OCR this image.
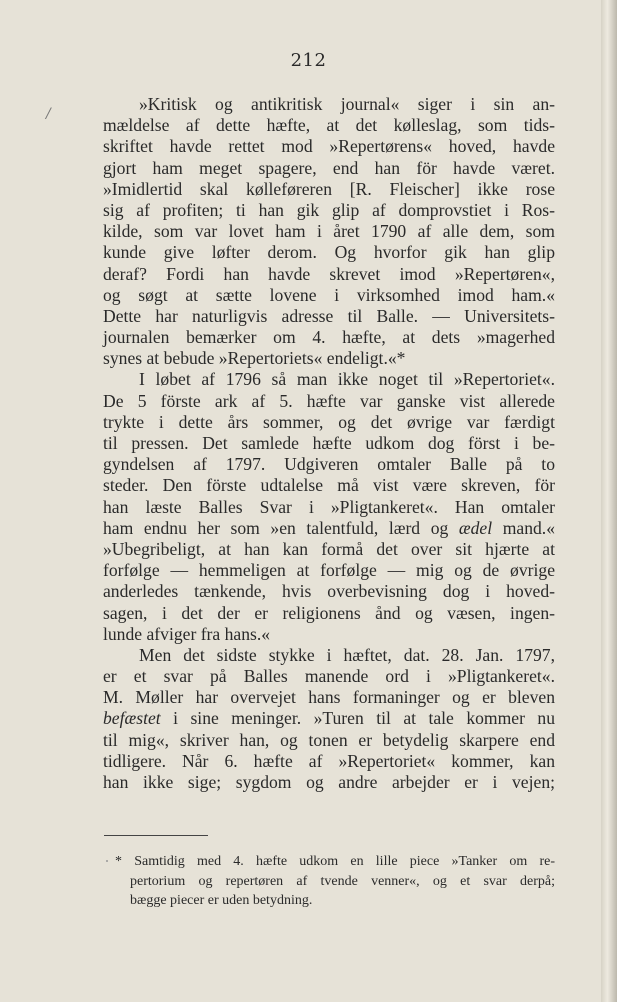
212
/	»Kritisk og antikritisk journal« siger i sin an-
mældelse af dette hæfte, at det kølleslag, som tids-
skriftet havde rettet mod »Repertørens« hoved, havde
gjort ham meget spagere, end han för havde været.
»Imidlertid skal kølleføreren [R. Fleischer] ikke rose
sig af profiten; ti han gik glip af domprovstiet i Ros-
kilde, som var lovet ham i året 1790 af alle dem, som
kunde give løfter derom. Og hvorfor gik han glip
deraf? Fordi han havde skrevet imod »Repertøren«,
og søgt at sætte lovene i virksomhed imod ham.«
Dette har naturligvis adresse til Balle. — Universitets-
journalen bemærker om 4. hæfte, at dets »magerhed
synes at bebude »Repertoriets« endeligt.«*
I løbet af 1796 så man ikke noget til »Repertoriet«.
De 5 förste ark af 5. hæfte var ganske vist allerede
trykte i dette års sommer, og det øvrige var færdigt
til pressen. Det samlede hæfte udkom dog först i be-
gyndelsen af 1797. Udgiveren omtaler Balle på to
steder. Den förste udtalelse må vist være skreven, för
han læste Balles Svar i »Pligtankeret«. Han omtaler
ham endnu her som »en talentfuld, lærd og ædel mand.«
»Ubegribeligt, at han kan formå det over sit hjærte at
forfølge — hemmeligen at forfølge — mig og de øvrige
anderledes tænkende, hvis overbevisning dog i hoved-
sagen, i det der er religionens ånd og væsen, ingen-
lunde afviger fra hans.«
Men det sidste stykke i hæftet, dat. 28. Jan. 1797,
er et svar på Balles manende ord i »Pligtankeret«.
M. Møller har overvejet hans formaninger og er bleven
befæstet i sine meninger. »Turen til at tale kommer nu
til mig«, skriver han, og tonen er betydelig skarpere end
tidligere. Når 6. hæfte af »Repertoriet« kommer, kan
han ikke sige; sygdom og andre arbejder er i vejen;
* Samtidig med 4. hæfte udkom en lille piece »Tanker om re-
pertorium og repertøren af tvende venner«, og et svar derpå;
bægge piecer er uden betydning.
